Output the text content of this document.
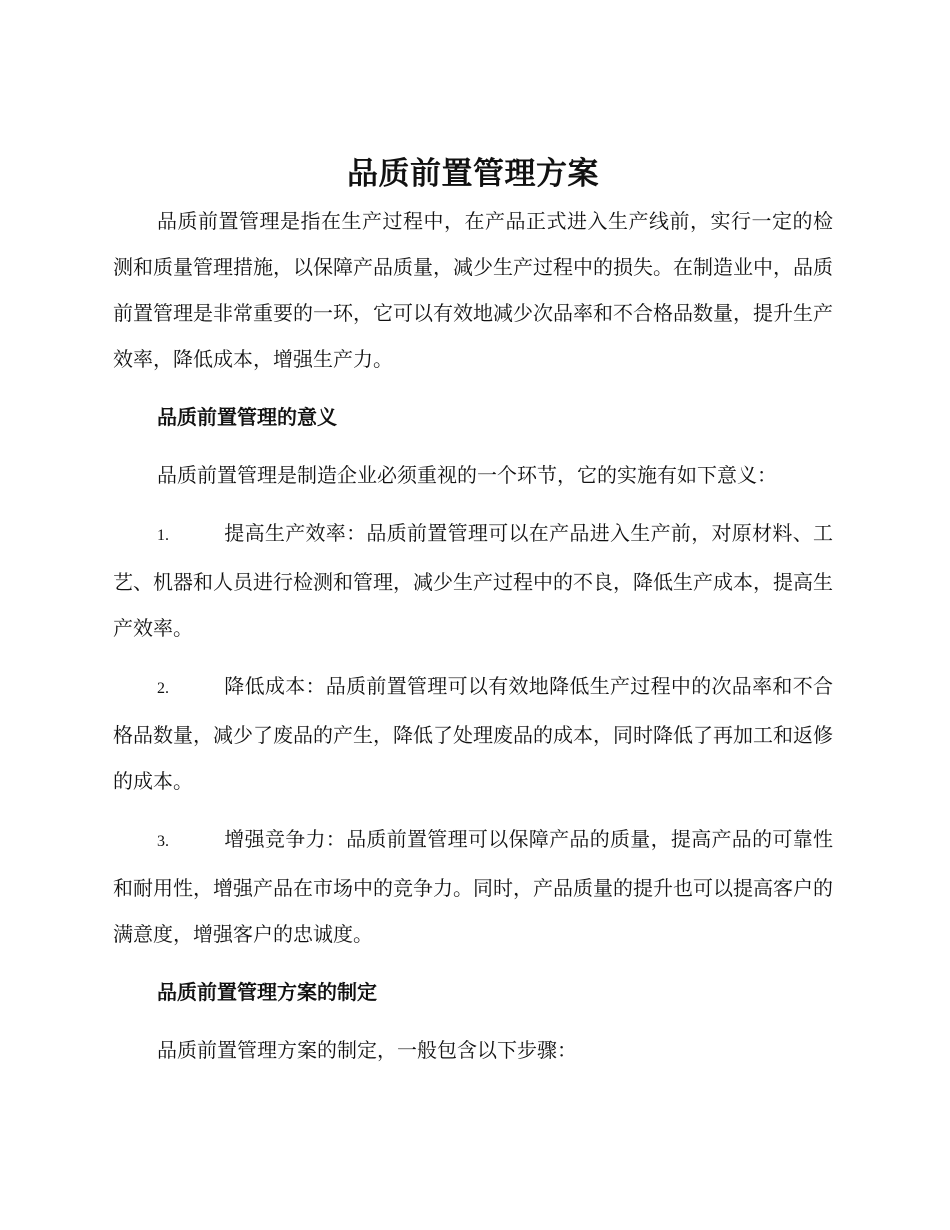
品质前置管理方案

品质前置管理是指在生产过程中，在产品正式进入生产线前，实行一定的检测和质量管理措施，以保障产品质量，减少生产过程中的损失。在制造业中，品质前置管理是非常重要的一环，它可以有效地减少次品率和不合格品数量，提升生产效率，降低成本，增强生产力。

品质前置管理的意义

品质前置管理是制造企业必须重视的一个环节，它的实施有如下意义：

1.	提高生产效率：品质前置管理可以在产品进入生产前，对原材料、工艺、机器和人员进行检测和管理，减少生产过程中的不良，降低生产成本，提高生产效率。

2.	降低成本：品质前置管理可以有效地降低生产过程中的次品率和不合格品数量，减少了废品的产生，降低了处理废品的成本，同时降低了再加工和返修的成本。

3.	增强竞争力：品质前置管理可以保障产品的质量，提高产品的可靠性和耐用性，增强产品在市场中的竞争力。同时，产品质量的提升也可以提高客户的满意度，增强客户的忠诚度。

品质前置管理方案的制定

品质前置管理方案的制定，一般包含以下步骤：
